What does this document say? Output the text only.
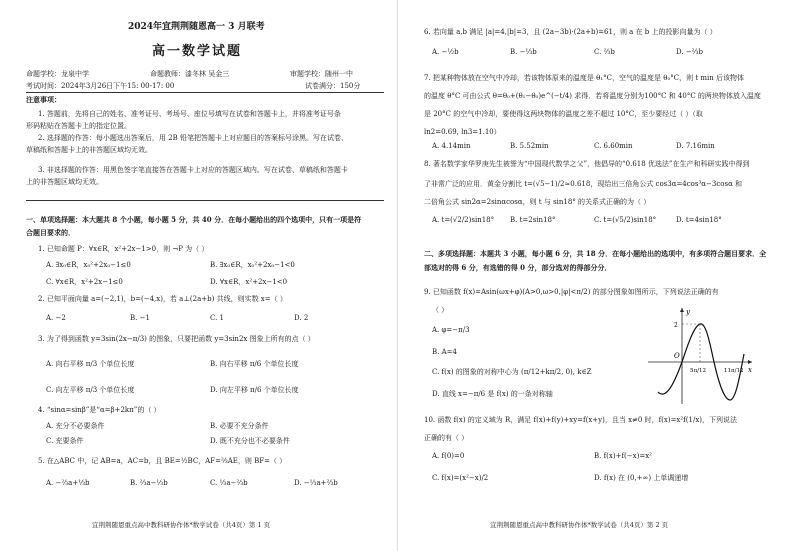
2024年宜荆荆随恩高一 3 月联考
高一数学试题
命题学校：龙泉中学	命题教师：漆冬林 吴金三	审题学校：随州一中
考试时间：2024年3月26日下午15: 00-17: 00	试卷满分：150分
注意事项：
1. 答题前，先将自己的姓名、准考证号、考场号、座位号填写在试卷和答题卡上，并将准考证号条
形码粘贴在答题卡上的指定位置。
2. 选择题的作答：每小题选出答案后，用 2B 铅笔把答题卡上对应题目的答案标号涂黑。写在试卷、
草稿纸和答题卡上的非答题区域均无效。
3. 非选择题的作答：用黑色签字笔直接答在答题卡上对应的答题区域内。写在试卷、草稿纸和答题卡
上的非答题区域均无效。
一、单项选择题：本大题共 8 个小题，每小题 5 分，共 40 分．在每小题给出的四个选项中，只有一项是符
合题目要求的．
1. 已知命题 P：∀x∈R，x²+2x−1>0，则 ¬P 为（ ）
A. ∃x₀∈R，x₀²+2x₀−1≤0	B. ∃x₀∈R，x₀²+2x₀−1<0
C. ∀x∈R，x²+2x−1≤0	D. ∀x∈R，x²+2x−1<0
2. 已知平面向量 a=(−2,1)，b=(−4,x)，若 a⊥(2a+b) 共线，则实数 x=（ ）
A. −2	B. −1	C. 1	D. 2
3. 为了得到函数 y=3sin(2x−π/3) 的图象，只要把函数 y=3sin2x 图象上所有的点（ ）
A. 向右平移 π/3 个单位长度	B. 向右平移 π/6 个单位长度
C. 向左平移 π/3 个单位长度	D. 向左平移 π/6 个单位长度
4. “sinα=sinβ”是“α=β+2kπ”的（ ）
A. 充分不必要条件	B. 必要不充分条件
C. 充要条件	D. 既不充分也不必要条件
5. 在△ABC 中，记 AB=a，AC=b，且 BE=½BC，AF=⅔AE，则 BF=（ ）
A. −⅔a+⅓b	B. ⅔a−⅓b	C. ⅓a−⅔b	D. −⅓a+⅔b
宜荆荆随恩重点高中教科研协作体*数学试卷（共4页）第 1 页
6. 若向量 a,b 满足 |a|=4,|b|=3，且 (2a−3b)·(2a+b)=61，则 a 在 b 上的投影向量为（ ）
A. −½b	B. −⅓b	C. ⅔b	D. −⅔b
7. 把某种物体放在空气中冷却，若该物体原来的温度是 θ₁°C，空气的温度是 θ₀°C，则 t min 后该物体
的温度 θ°C 可由公式 θ=θ₀+(θ₁−θ₀)e^(−t/4) 求得．若将温度分别为100°C 和 40°C 的两块物体放入温度
是 20°C 的空气中冷却，要使得这两块物体的温度之差不超过 10°C，至少要经过（ ）（取
ln2=0.69, ln3=1.10）
A. 4.14min	B. 5.52min	C. 6.60min	D. 7.16min
8. 著名数学家华罗庚先生被誉为“中国现代数学之父”，他倡导的“0.618 优选法”在生产和科研实践中得到
了非常广泛的应用．黄金分割比 t=(√5−1)/2≈0.618，现给出三倍角公式 cos3α=4cos³α−3cosα 和
二倍角公式 sin2α=2sinαcosα，则 t 与 sin18° 的关系式正确的为（ ）
A. t=(√2/2)sin18° B. t=2sin18°	C. t=(√5/2)sin18°	D. t=4sin18°
二、多项选择题：本题共 3 小题，每小题 6 分，共 18 分．在每小题给出的选项中，有多项符合题目要求．全
部选对的得 6 分，有选错的得 0 分，部分选对的得部分分．
9. 已知函数 f(x)=Asin(ωx+φ)(A>0,ω>0,|φ|<π/2) 的部分图象如图所示，下列说法正确的有
（ ）
A. φ=−π/3
B. A=4
C. f(x) 的图象的对称中心为 (π/12+kπ/2, 0), k∈Z
D. 直线 x=−π/6 是 f(x) 的一条对称轴
y
O
x
2
5π/12	11π/12
10. 函数 f(x) 的定义域为 R，满足 f(x)+f(y)+xy=f(x+y)，且当 x≠0 时，f(x)=x²f(1/x)，下列说法
正确的有（ ）
A. f(0)=0	B. f(x)+f(−x)=x²
C. f(x)=(x²−x)/2	D. f(x) 在 (0,+∞) 上单调递增
宜荆荆随恩重点高中教科研协作体*数学试卷（共4页）第 2 页
